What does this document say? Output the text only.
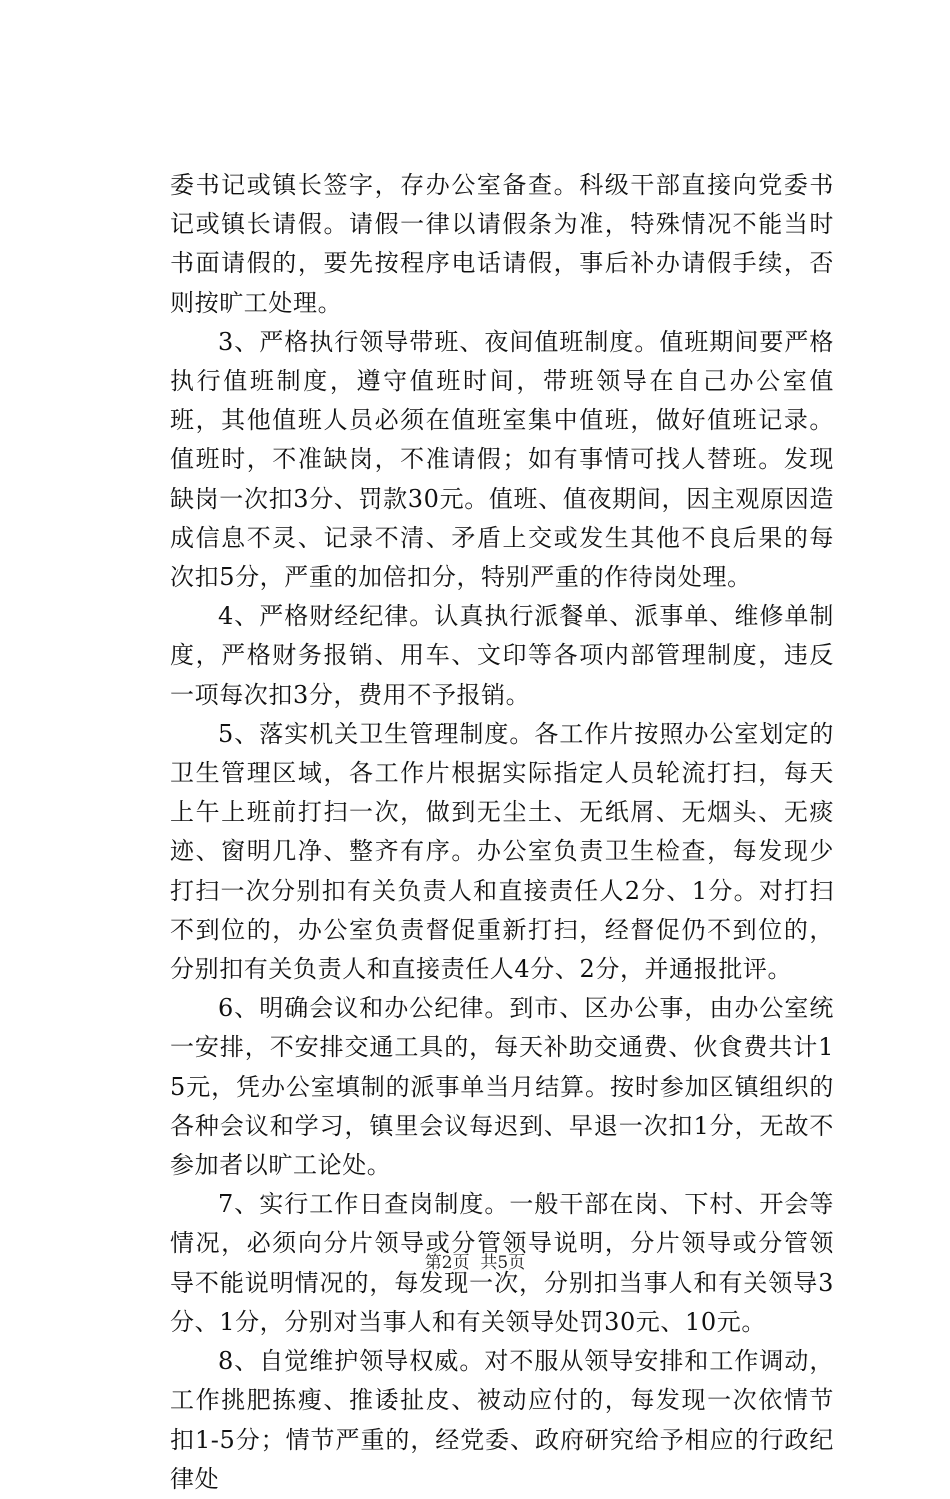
委书记或镇长签字，存办公室备查。科级干部直接向党委书记或镇长请假。请假一律以请假条为准，特殊情况不能当时书面请假的，要先按程序电话请假，事后补办请假手续，否则按旷工处理。

3、严格执行领导带班、夜间值班制度。值班期间要严格执行值班制度，遵守值班时间，带班领导在自己办公室值班，其他值班人员必须在值班室集中值班，做好值班记录。值班时，不准缺岗，不准请假；如有事情可找人替班。发现缺岗一次扣3分、罚款30元。值班、值夜期间，因主观原因造成信息不灵、记录不清、矛盾上交或发生其他不良后果的每次扣5分，严重的加倍扣分，特别严重的作待岗处理。

4、严格财经纪律。认真执行派餐单、派事单、维修单制度，严格财务报销、用车、文印等各项内部管理制度，违反一项每次扣3分，费用不予报销。

5、落实机关卫生管理制度。各工作片按照办公室划定的卫生管理区域，各工作片根据实际指定人员轮流打扫，每天上午上班前打扫一次，做到无尘土、无纸屑、无烟头、无痰迹、窗明几净、整齐有序。办公室负责卫生检查，每发现少打扫一次分别扣有关负责人和直接责任人2分、1分。对打扫不到位的，办公室负责督促重新打扫，经督促仍不到位的，分别扣有关负责人和直接责任人4分、2分，并通报批评。

6、明确会议和办公纪律。到市、区办公事，由办公室统一安排，不安排交通工具的，每天补助交通费、伙食费共计15元，凭办公室填制的派事单当月结算。按时参加区镇组织的各种会议和学习，镇里会议每迟到、早退一次扣1分，无故不参加者以旷工论处。

7、实行工作日查岗制度。一般干部在岗、下村、开会等情况，必须向分片领导或分管领导说明，分片领导或分管领导不能说明情况的，每发现一次，分别扣当事人和有关领导3分、1分，分别对当事人和有关领导处罚30元、10元。

8、自觉维护领导权威。对不服从领导安排和工作调动，工作挑肥拣瘦、推诿扯皮、被动应付的，每发现一次依情节扣1-5分；情节严重的，经党委、政府研究给予相应的行政纪律处

第2页  共5页
